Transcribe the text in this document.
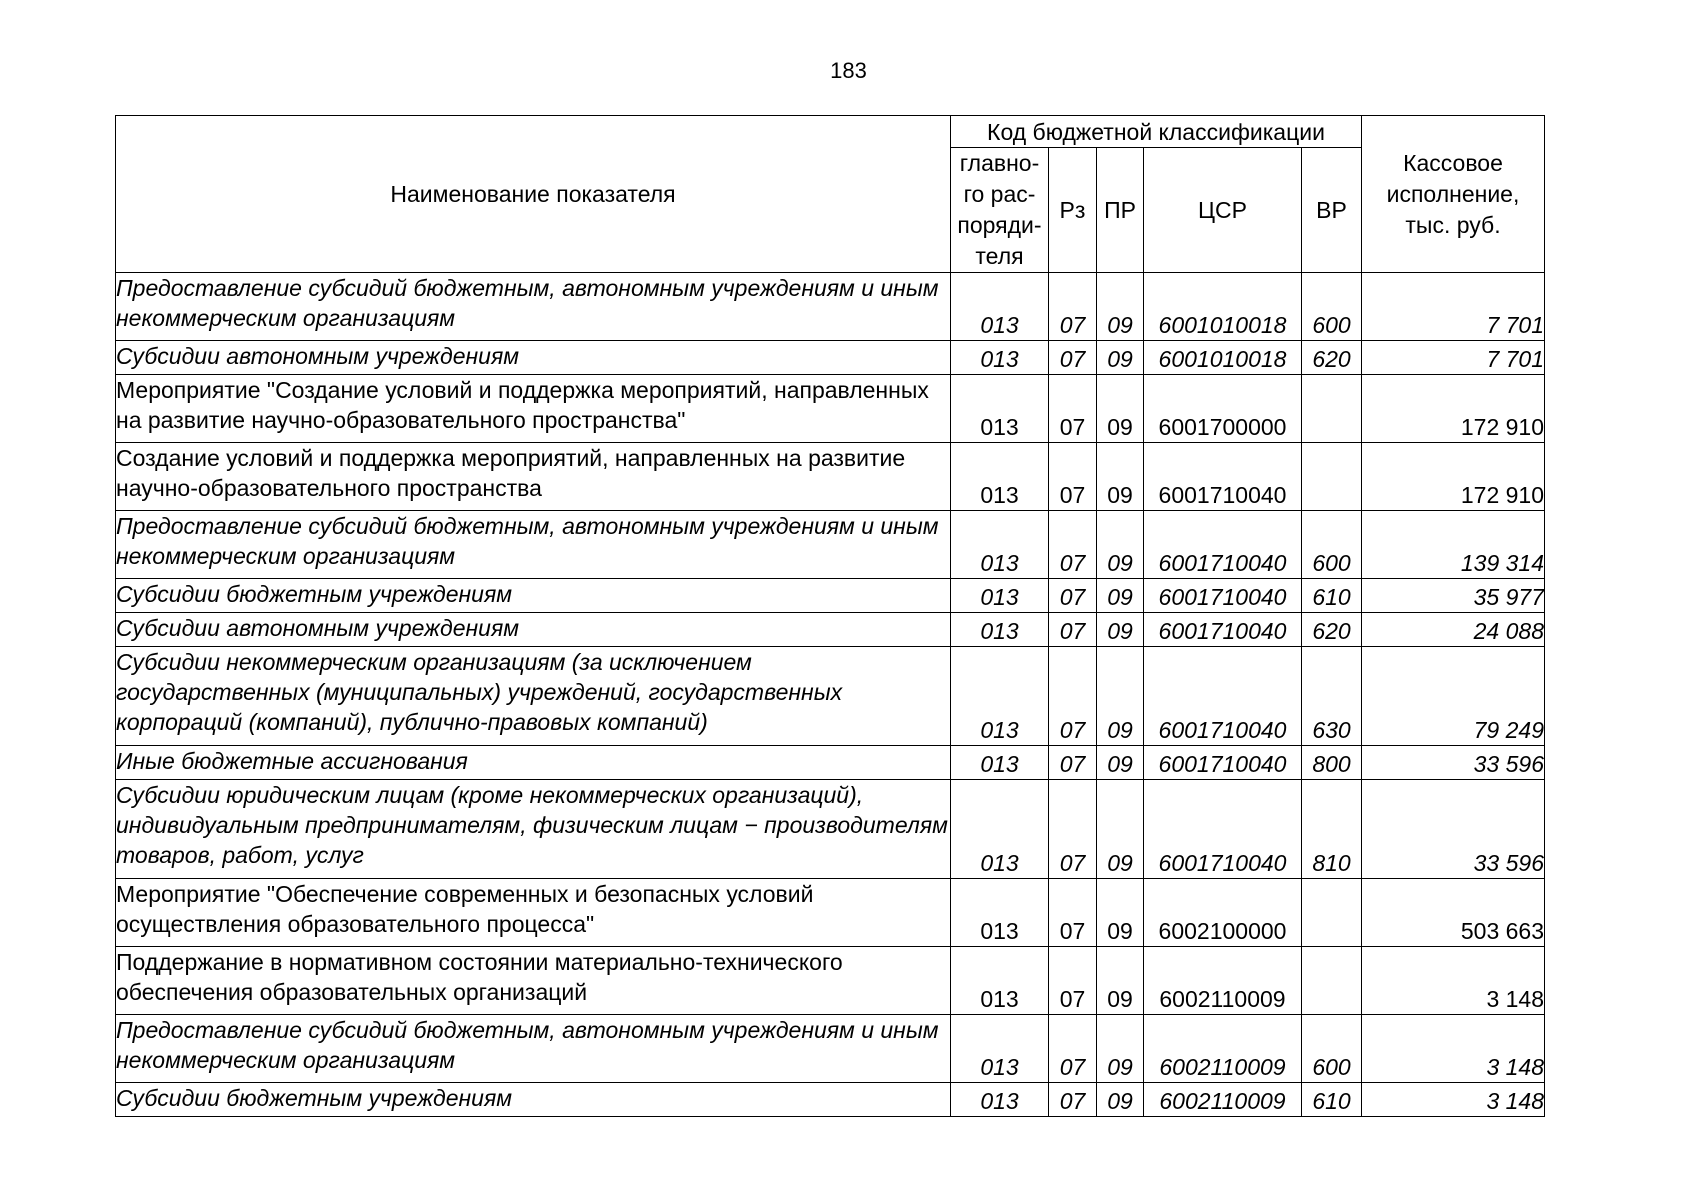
183
Наименование показателя	Код бюджетной классификации					Кассовое исполнение, тыс. руб.
	главно-го рас-поряди-теля	Рз	ПР	ЦСР	ВР	
Предоставление субсидий бюджетным, автономным учреждениям и иным некоммерческим организациям	013	07	09	6001010018	600	7 701
Субсидии автономным учреждениям	013	07	09	6001010018	620	7 701
Мероприятие "Создание условий и поддержка мероприятий, направленных на развитие научно-образовательного пространства"	013	07	09	6001700000		172 910
Создание условий и поддержка мероприятий, направленных на развитие научно-образовательного пространства	013	07	09	6001710040		172 910
Предоставление субсидий бюджетным, автономным учреждениям и иным некоммерческим организациям	013	07	09	6001710040	600	139 314
Субсидии бюджетным учреждениям	013	07	09	6001710040	610	35 977
Субсидии автономным учреждениям	013	07	09	6001710040	620	24 088
Субсидии некоммерческим организациям (за исключением государственных (муниципальных) учреждений, государственных корпораций (компаний), публично-правовых компаний)	013	07	09	6001710040	630	79 249
Иные бюджетные ассигнования	013	07	09	6001710040	800	33 596
Субсидии юридическим лицам (кроме некоммерческих организаций), индивидуальным предпринимателям, физическим лицам − производителям товаров, работ, услуг	013	07	09	6001710040	810	33 596
Мероприятие "Обеспечение современных и безопасных условий осуществления образовательного процесса"	013	07	09	6002100000		503 663
Поддержание в нормативном состоянии материально-технического обеспечения образовательных организаций	013	07	09	6002110009		3 148
Предоставление субсидий бюджетным, автономным учреждениям и иным некоммерческим организациям	013	07	09	6002110009	600	3 148
Субсидии бюджетным учреждениям	013	07	09	6002110009	610	3 148
